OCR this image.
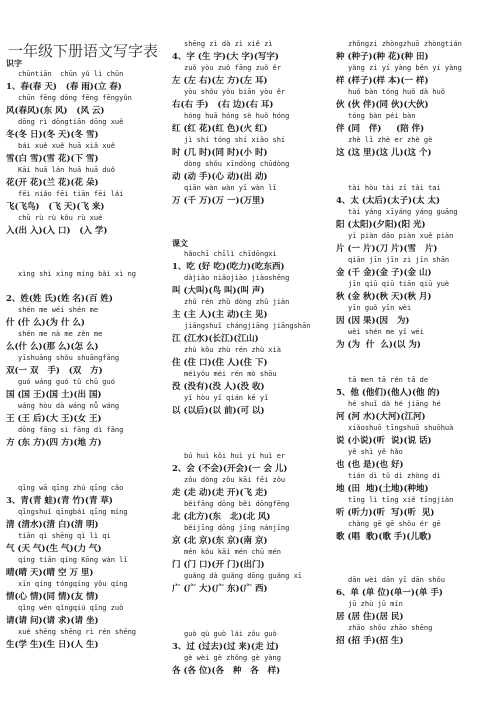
一年级下册语文写字表
识字
chūntiān  chūn yǔ lì chūn
1、春(春 天)   (春 雨)(立 春)
chūn fēng dōng fēng fēngyǔn
风(春风)(东 风)   (风 云)
dōng rì dōngtiān dōng xuě
冬(冬 日)(冬 天)(冬 雪)
bái xuě xuě huā xiǎ xuě
雪(白 雪)(雪 花)(下 雪)
Kāi huā lán huā huā duǒ
花(开 花)(兰 花)(花 朵)
fēi niǎo fēi tiān fēi lái
飞(飞鸟)   (飞 天)(飞 来)
chū rù rù kǒu rù xué
入(出 入)(入 口)   (入 学)
xìng shì xìng míng bǎi xì ng
2、姓(姓 氏)(姓 名)(百 姓)
shén me wéi shén me
什 (什 么)(为 什 么)
shén me nà me zěn me
么(什 么)(那 么)(怎 么)
yīshuāng shǒu shuāngfāng
双(一 双   手)   (双   方)
guó wáng guó tǔ chū guó
国 (国 王)(国 土)(出 国)
wáng hòu dà wáng nǚ wáng
王 (王 后)(大 王)(女 王)
dōng fāng sì fāng dì fāng
方 (东 方)(四 方)(地 方)
qīng wā qīng zhú qīng cǎo
3、青(青 蛙)(青 竹)(青 草)
qīngshuǐ qīngbái qīng míng
清 (清水)(清 白)(清 明)
tiān qì shēng qì lì qi
气 (天 气)(生 气)(力 气)
qíng tiān qíng Kōng wàn lǐ
晴(晴 天)(晴 空 万 里)
xīn qíng tóngqíng yǒu qíng
情(心 情)(同 情)(友 情)
qǐng wèn qǐngqiú qǐng zuò
请(请 问)(请 求)(请 坐)
xué shēng shēng rì rén shēng
生(学 生)(生 日)(人 生)
shēng zì dà zì xiě zì
4、字 (生 字)(大 字)(写字)
zuǒ yòu zuǒ fāng zuǒ ěr
左 (左 右)(左 方)(左 耳)
yòu shǒu yòu biān yòu ěr
右(右 手)   (右 边)(右 耳)
hóng huā hóng sè huǒ hóng
红 (红 花)(红 色)(火 红)
jì shí tóng shí xiǎo shí
时 (几 时)(同 时)(小 时)
dòng shǒu xīndòng chūdòng
动 (动 手)(心 动)(出 动)
qiān wàn wàn yī wàn lǐ
万 (千 万)(万 一)(万里)
课文
hǎochī chīlì chīdōngxi
1、吃 (好 吃)(吃力)(吃东西)
dàjiào niǎojiào jiàoshēng
叫 (大叫)(鸟 叫)(叫 声)
zhǔ rén zhǔ dòng zhǔ jiàn
主 (主 人)(主 动)(主 见)
jiāngshuǐ chángjiāng jiāngshān
江 (江水)(长江)(江山)
zhù kǒu zhù rén zhù xià
住 (住 口)(住 人)(住 下)
méiyǒu méi rén mò shōu
没 (没有)(没 人)(没 收)
yǐ hòu yǐ qián kě yǐ
以 (以后)(以 前)(可 以)
bú huì kǒi huì yí huì er
2、会 (不会)(开会)(一 会 儿)
zǒu dòng zǒu kāi fēi zǒu
走 (走 动)(走 开)(飞 走)
běifāng dōng běi dōngfēng
北 (北方)(东   北)(北 风)
běijīng dōng jīng nánjīng
京 (北 京)(东 京)(南 京)
mén kǒu kāi mén chū mén
门 (门 口)(开 门)(出门)
guǎng dà guǎng dōng guǎng xī
广 (广 大)(广 东)(广 西)
guò qù guò lái zǒu guò
3、过 (过去)(过 来)(走 过)
gè wèi gè zhǒng gè yàng
各 (各 位)(各   种   各   样)
zhǒngzi zhòngzhuō zhòngtián
种 (种子)(种 花)(种 田)
yàng zi yí yàng běn yí yàng
样 (样子)(样 本)(一 样)
huǒ bàn tóng huǒ dà huǒ
伙 (伙 伴)(同 伙)(大伙)
tóng bàn péi bàn
伴 (同   伴)     (陪 伴)
zhè lǐ zhè er zhè gè
这 (这 里)(这 儿)(这 个)
tài hòu tài zǐ tài tai
4、太 (太后)(太子)(太 太)
tài yáng xīyáng yáng guāng
阳 (太阳)(夕阳)(阳 光)
yí piàn dāo piàn xuě piàn
片 (一 片)(刀 片)(雪   片)
qiān jīn jīn zi jīn shān
金 (千 金)(金 子)(金 山)
jīn qiū qiū tiān qiū yuè
秋 (金 秋)(秋 天)(秋 月)
yīn guǒ yīn wèi
因 (因 果)(因   为)
wèi shén me yǐ wéi
为 (为  什  么)(以 为)
tā men tā rén tā de
5、他 (他们)(他人)(他 的)
hé shuǐ dà hé jiāng hé
河 (河 水)(大河)(江河)
xiǎoshuō tīngshuō shuōhuà
说 (小说)(听  说)(说 话)
yě shì yě hǎo
也 (也 是)(也 好)
tián dì tǔ dì zhòng dì
地 (田  地)(土地)(种地)
tīng lì tīng xiě tīngjiàn
听 (听力)(听  写)(听  见)
chàng gē gē shǒu ér gē
歌 (唱  歌)(歌 手)(儿歌)
dān wèi dān yī dān shǒu
6、单 (单 位)(单一)(单 手)
jū zhù jū mín
居 (居 住)(居 民)
zhāo shǒu zhāo shēng
招 (招 手)(招 生)
